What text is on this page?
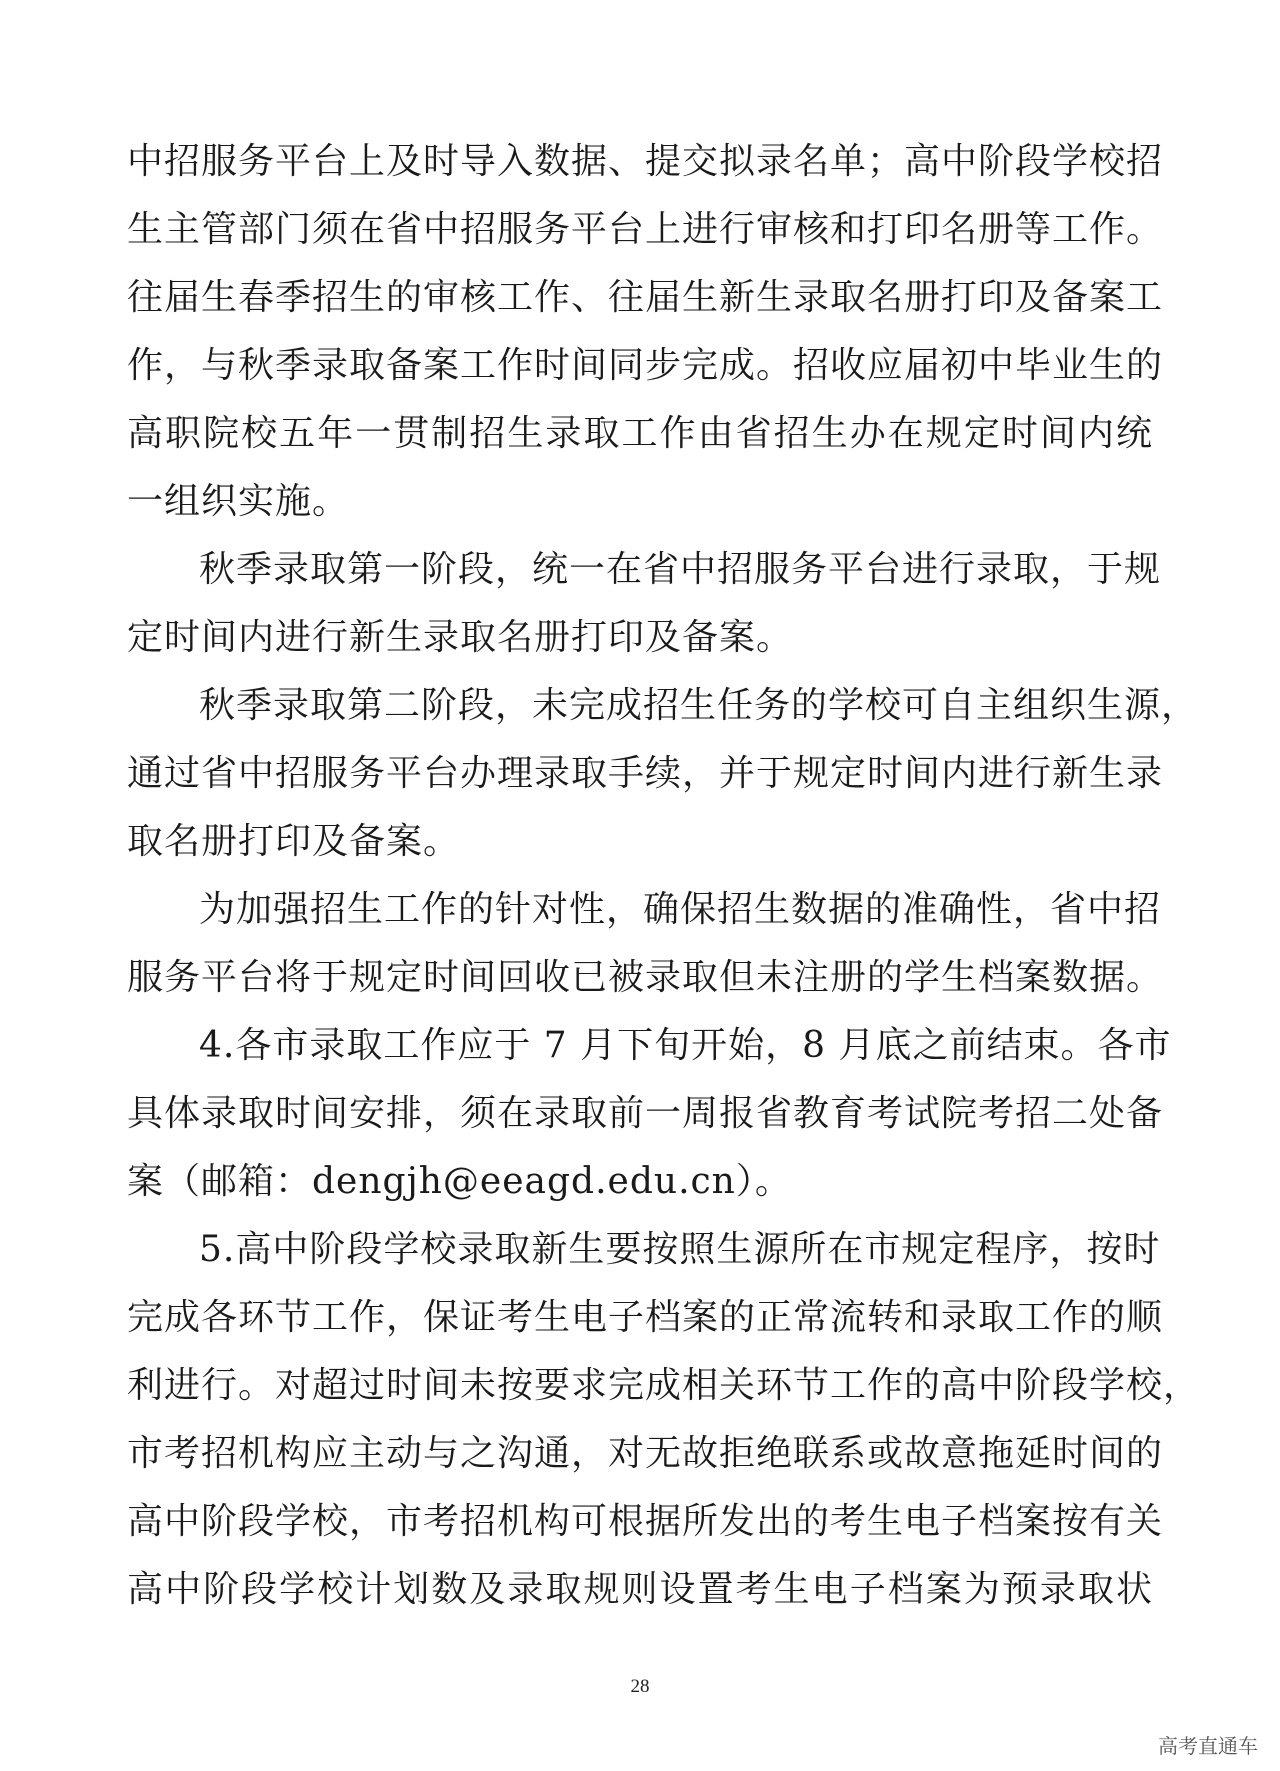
中招服务平台上及时导入数据、提交拟录名单；高中阶段学校招
生主管部门须在省中招服务平台上进行审核和打印名册等工作。
往届生春季招生的审核工作、往届生新生录取名册打印及备案工
作，与秋季录取备案工作时间同步完成。招收应届初中毕业生的
高职院校五年一贯制招生录取工作由省招生办在规定时间内统
一组织实施。
秋季录取第一阶段，统一在省中招服务平台进行录取，于规
定时间内进行新生录取名册打印及备案。
秋季录取第二阶段，未完成招生任务的学校可自主组织生源，
通过省中招服务平台办理录取手续，并于规定时间内进行新生录
取名册打印及备案。
为加强招生工作的针对性，确保招生数据的准确性，省中招
服务平台将于规定时间回收已被录取但未注册的学生档案数据。
4.各市录取工作应于 7 月下旬开始，8 月底之前结束。各市
具体录取时间安排，须在录取前一周报省教育考试院考招二处备
案（邮箱：dengjh@eeagd.edu.cn）。
5.高中阶段学校录取新生要按照生源所在市规定程序，按时
完成各环节工作，保证考生电子档案的正常流转和录取工作的顺
利进行。对超过时间未按要求完成相关环节工作的高中阶段学校，
市考招机构应主动与之沟通，对无故拒绝联系或故意拖延时间的
高中阶段学校，市考招机构可根据所发出的考生电子档案按有关
高中阶段学校计划数及录取规则设置考生电子档案为预录取状
28
高考直通车
